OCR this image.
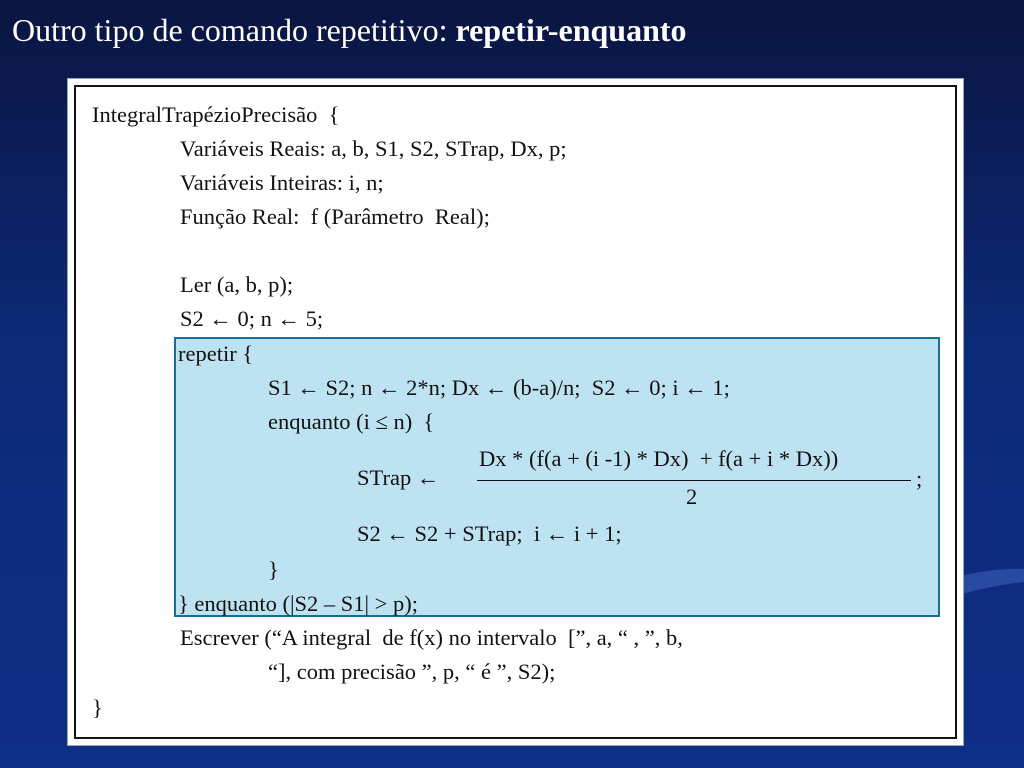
Outro tipo de comando repetitivo: repetir-enquanto
IntegralTrapézioPrecisão  {
Variáveis Reais: a, b, S1, S2, STrap, Dx, p;
Variáveis Inteiras: i, n;
Função Real:  f (Parâmetro  Real);
Ler (a, b, p);
S2 ← 0; n ← 5;
repetir {
S1 ← S2; n ← 2*n; Dx ← (b-a)/n;  S2 ← 0; i ← 1;
enquanto (i ≤ n)  {
STrap ←
Dx * (f(a + (i -1) * Dx)  + f(a + i * Dx))
2
;
S2 ← S2 + STrap;  i ← i + 1;
}
} enquanto (|S2 – S1| > p);
Escrever (“A integral  de f(x) no intervalo  [”, a, “ , ”, b,
“], com precisão ”, p, “ é ”, S2);
}
